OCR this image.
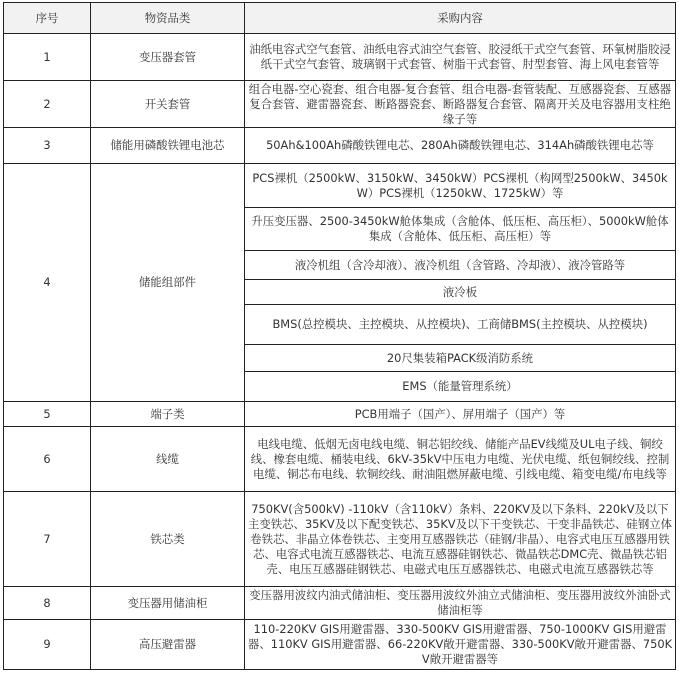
序号	物资品类	采购内容
1	变压器套管	油纸电容式空气套管、油纸电容式油空气套管、胶浸纸干式空气套管、环氧树脂胶浸纸干式空气套管、玻璃钢干式套管、树脂干式套管、肘型套管、海上风电套管等
2	开关套管	组合电器-空心瓷套、组合电器-复合套管、组合电器-套管装配、互感器瓷套、互感器复合套管、避雷器瓷套、断路器瓷套、断路器复合套管、隔离开关及电容器用支柱绝缘子等
3	储能用磷酸铁锂电池芯	50Ah&100Ah磷酸铁锂电芯、280Ah磷酸铁锂电芯、314Ah磷酸铁锂电芯等
4	储能组部件	PCS裸机（2500kW、3150kW、3450kW）PCS裸机（构网型2500kW、3450kW）PCS裸机（1250kW、1725kW）等
		升压变压器、2500-3450kW舱体集成（含舱体、低压柜、高压柜）、5000kW舱体集成（含舱体、低压柜、高压柜）等
		液冷机组（含冷却液）、液冷机组（含管路、冷却液）、液冷管路等
		液冷板
		BMS(总控模块、主控模块、从控模块)、工商储BMS(主控模块、从控模块)
		20尺集装箱PACK级消防系统
		EMS（能量管理系统）
5	端子类	PCB用端子（国产）、屏用端子（国产）等
6	线缆	电线电缆、低烟无卤电线电缆、铜芯铝绞线、储能产品EV线缆及UL电子线、铜绞线、橡套电缆、桶装电线、6kV-35kV中压电力电缆、光伏电缆、纸包铜绞线、控制电缆、铜芯布电线、软铜绞线、耐油阻燃屏蔽电缆、引线电缆、箱变电缆/布电线等
7	铁芯类	750KV(含500kV) -110kV（含110kV）条料、220KV及以下条料、220kV及以下主变铁芯、35KV及以下配变铁芯、35KV及以下干变铁芯、干变非晶铁芯、硅钢立体卷铁芯、非晶立体卷铁芯、主变用互感器铁芯（硅钢/非晶）、电容式电压互感器用铁芯、电容式电流互感器铁芯、电流互感器硅钢铁芯、微晶铁芯DMC壳、微晶铁芯铝壳、电压互感器硅钢铁芯、电磁式电压互感器铁芯、电磁式电流互感器铁芯等
8	变压器用储油柜	变压器用波纹内油式储油柜、变压器用波纹外油立式储油柜、变压器用波纹外油卧式储油柜等
9	高压避雷器	110-220KV GIS用避雷器、330-500KV GIS用避雷器、750-1000KV GIS用避雷器、110KV GIS用避雷器、66-220KV敞开避雷器、330-500KV敞开避雷器、750KV敞开避雷器等
